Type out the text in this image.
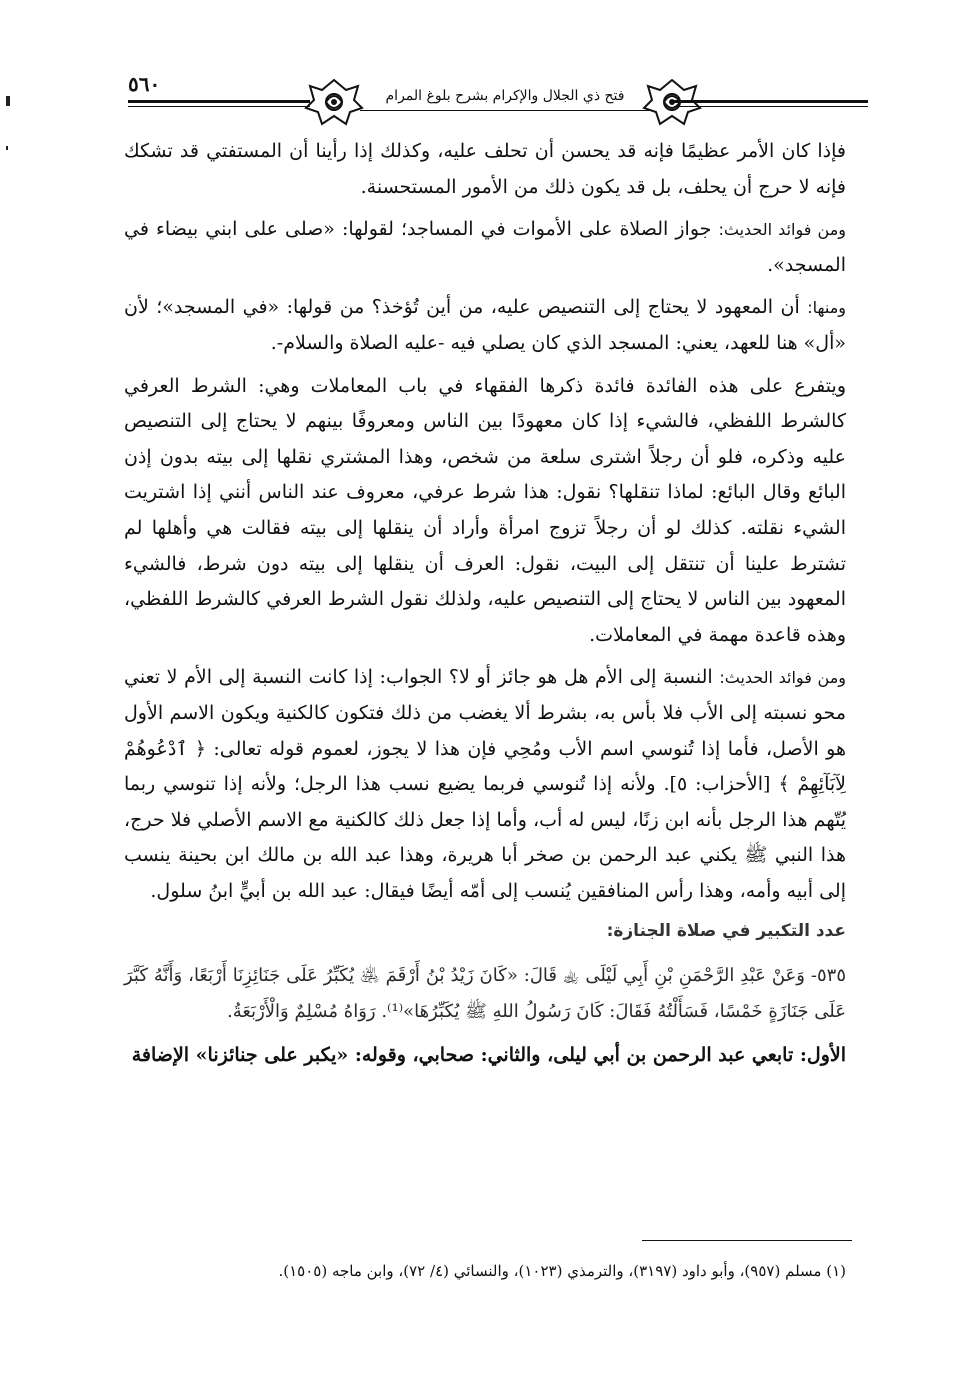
٥٦٠	فتح ذي الجلال والإكرام بشرح بلوغ المرام

فإذا كان الأمر عظيمًا فإنه قد يحسن أن تحلف عليه، وكذلك إذا رأينا أن المستفتي قد تشكك فإنه لا حرج أن يحلف، بل قد يكون ذلك من الأمور المستحسنة.

ومن فوائد الحديث: جواز الصلاة على الأموات في المساجد؛ لقولها: «صلى على ابني بيضاء في المسجد».

ومنها: أن المعهود لا يحتاج إلى التنصيص عليه، من أين تُؤخذ؟ من قولها: «في المسجد»؛ لأن «أل» هنا للعهد، يعني: المسجد الذي كان يصلي فيه -عليه الصلاة والسلام-.

ويتفرع على هذه الفائدة فائدة ذكرها الفقهاء في باب المعاملات وهي: الشرط العرفي كالشرط اللفظي، فالشيء إذا كان معهودًا بين الناس ومعروفًا بينهم لا يحتاج إلى التنصيص عليه وذكره، فلو أن رجلاً اشترى سلعة من شخص، وهذا المشتري نقلها إلى بيته بدون إذن البائع وقال البائع: لماذا تنقلها؟ نقول: هذا شرط عرفي، معروف عند الناس أنني إذا اشتريت الشيء نقلته. كذلك لو أن رجلاً تزوج امرأة وأراد أن ينقلها إلى بيته فقالت هي وأهلها لم تشترط علينا أن تنتقل إلى البيت، نقول: العرف أن ينقلها إلى بيته دون شرط، فالشيء المعهود بين الناس لا يحتاج إلى التنصيص عليه، ولذلك نقول الشرط العرفي كالشرط اللفظي، وهذه قاعدة مهمة في المعاملات.

ومن فوائد الحديث: النسبة إلى الأم هل هو جائز أو لا؟ الجواب: إذا كانت النسبة إلى الأم لا تعني محو نسبته إلى الأب فلا بأس به، بشرط ألا يغضب من ذلك فتكون كالكنية ويكون الاسم الأول هو الأصل، فأما إذا تُنوسي اسم الأب ومُحِي فإن هذا لا يجوز، لعموم قوله تعالى: ﴿ ٱدْعُوهُمْ لِآبَآئِهِمْ ﴾ [الأحزاب: ٥]. ولأنه إذا تُنوسي فربما يضيع نسب هذا الرجل؛ ولأنه إذا تنوسي ربما يُتّهم هذا الرجل بأنه ابن زنًا، ليس له أب، وأما إذا جعل ذلك كالكنية مع الاسم الأصلي فلا حرج، هذا النبي ﷺ يكني عبد الرحمن بن صخر أبا هريرة، وهذا عبد الله بن مالك ابن بحينة ينسب إلى أبيه وأمه، وهذا رأس المنافقين يُنسب إلى أمّه أيضًا فيقال: عبد الله بن أبيٍّ ابنُ سلول.

عدد التكبير في صلاة الجنازة:

٥٣٥- وَعَنْ عَبْدِ الرَّحْمَنِ بْنِ أَبِي لَيْلَى ﵀ قَالَ: «كَانَ زَيْدُ بْنُ أَرْقَمَ ﵁ يُكَبِّرُ عَلَى جَنَائِزِنَا أَرْبَعًا، وَأَنَّهُ كَبَّرَ عَلَى جَنَازَةٍ خَمْسًا، فَسَأَلْتُهُ فَقَالَ: كَانَ رَسُولُ اللهِ ﷺ يُكَبِّرُهَا»⁽¹⁾. رَوَاهُ مُسْلِمٌ وَالْأَرْبَعَةُ.

الأول: تابعي عبد الرحمن بن أبي ليلى، والثاني: صحابي، وقوله: «يكبر على جنائزنا» الإضافة

(١) مسلم (٩٥٧)، وأبو داود (٣١٩٧)، والترمذي (١٠٢٣)، والنسائي (٤/ ٧٢)، وابن ماجه (١٥٠٥).
